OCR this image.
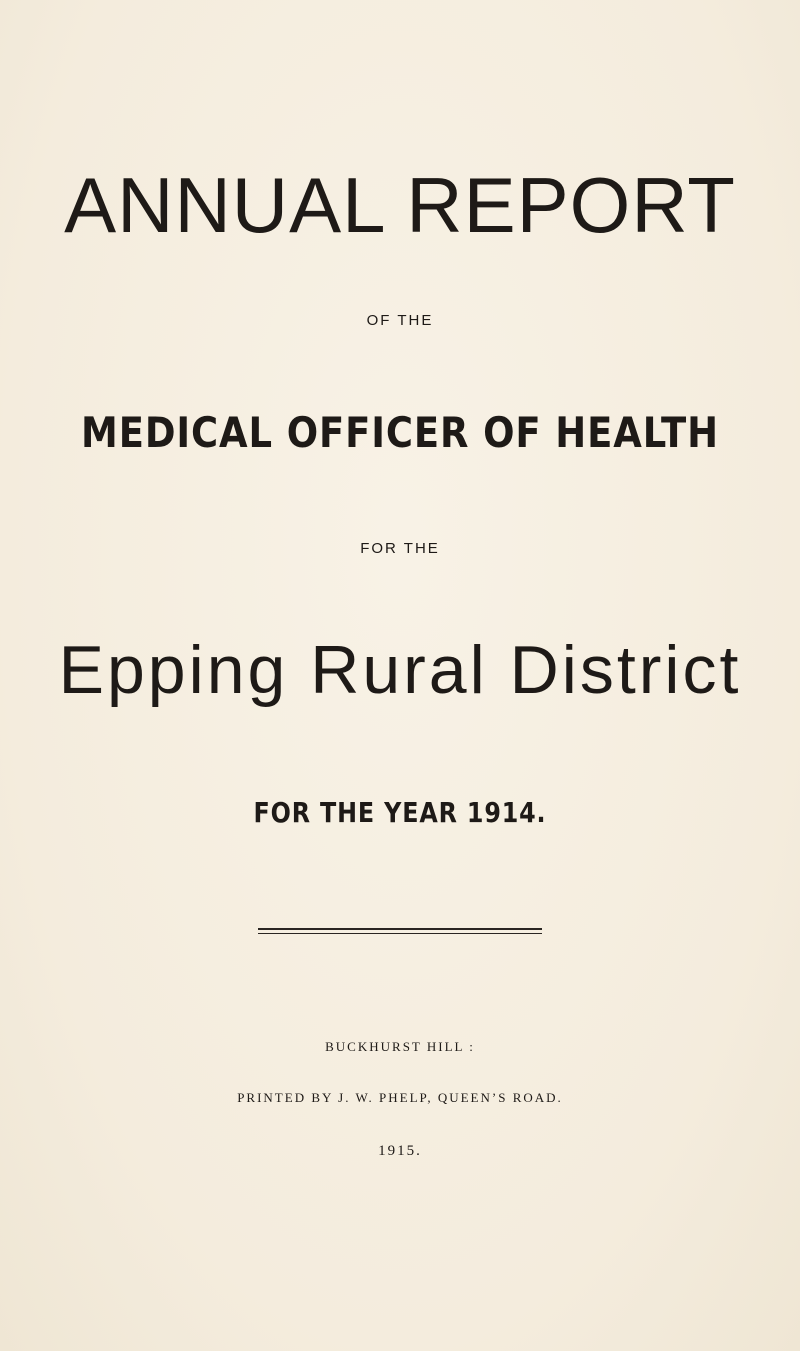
ANNUAL REPORT
OF THE
MEDICAL OFFICER OF HEALTH
FOR THE
Epping Rural District
FOR THE YEAR 1914.
BUCKHURST HILL :
PRINTED BY J. W. PHELP, QUEEN’S ROAD.
1915.
